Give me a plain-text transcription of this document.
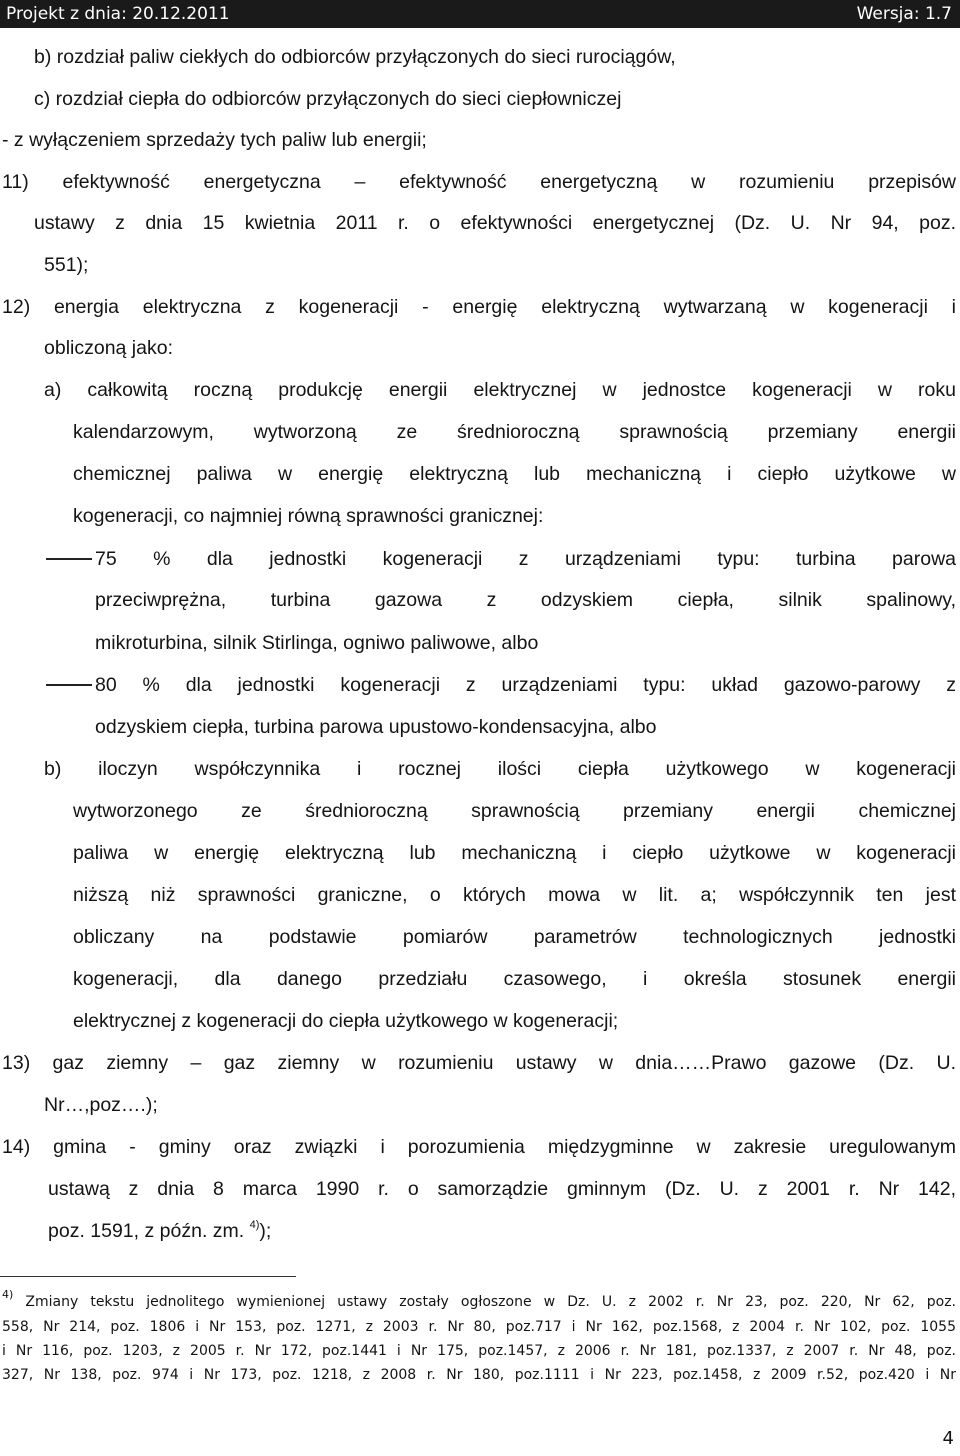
Projekt z dnia: 20.12.2011	Wersja: 1.7
b) rozdział paliw ciekłych do odbiorców przyłączonych do sieci rurociągów,
c) rozdział ciepła do odbiorców przyłączonych do sieci ciepłowniczej
- z wyłączeniem sprzedaży tych paliw lub energii;
11) efektywność energetyczna – efektywność energetyczną w rozumieniu przepisów
ustawy z dnia 15 kwietnia 2011 r. o efektywności energetycznej (Dz. U. Nr 94, poz.
551);
12) energia elektryczna z kogeneracji - energię elektryczną wytwarzaną w kogeneracji i
obliczoną jako:
a) całkowitą roczną produkcję energii elektrycznej w jednostce kogeneracji w roku
kalendarzowym, wytworzoną ze średnioroczną sprawnością przemiany energii
chemicznej paliwa w energię elektryczną lub mechaniczną i ciepło użytkowe w
kogeneracji, co najmniej równą sprawności granicznej:
75 % dla jednostki kogeneracji z urządzeniami typu: turbina parowa
przeciwprężna, turbina gazowa z odzyskiem ciepła, silnik spalinowy,
mikroturbina, silnik Stirlinga, ogniwo paliwowe, albo
80 % dla jednostki kogeneracji z urządzeniami typu: układ gazowo-parowy z
odzyskiem ciepła, turbina parowa upustowo-kondensacyjna, albo
b) iloczyn współczynnika i rocznej ilości ciepła użytkowego w kogeneracji
wytworzonego ze średnioroczną sprawnością przemiany energii chemicznej
paliwa w energię elektryczną lub mechaniczną i ciepło użytkowe w kogeneracji
niższą niż sprawności graniczne, o których mowa w lit. a; współczynnik ten jest
obliczany na podstawie pomiarów parametrów technologicznych jednostki
kogeneracji, dla danego przedziału czasowego, i określa stosunek energii
elektrycznej z kogeneracji do ciepła użytkowego w kogeneracji;
13) gaz ziemny – gaz ziemny w rozumieniu ustawy w dnia……Prawo gazowe (Dz. U.
Nr…,poz….);
14) gmina - gminy oraz związki i porozumienia międzygminne w zakresie uregulowanym
ustawą z dnia 8 marca 1990 r. o samorządzie gminnym (Dz. U. z 2001 r. Nr 142,
poz. 1591, z późn. zm. $^{4)}$);
$^{4)}$ Zmiany tekstu jednolitego wymienionej ustawy zostały ogłoszone w Dz. U. z 2002 r. Nr 23, poz. 220, Nr 62, poz.
558, Nr 214, poz. 1806 i Nr 153, poz. 1271, z 2003 r. Nr 80, poz.717 i Nr 162, poz.1568, z 2004 r. Nr 102, poz. 1055
i Nr 116, poz. 1203, z 2005 r. Nr 172, poz.1441 i Nr 175, poz.1457, z 2006 r. Nr 181, poz.1337, z 2007 r. Nr 48, poz.
327, Nr 138, poz. 974 i Nr 173, poz. 1218, z 2008 r. Nr 180, poz.1111 i Nr 223, poz.1458, z 2009 r.52, poz.420 i Nr
4
